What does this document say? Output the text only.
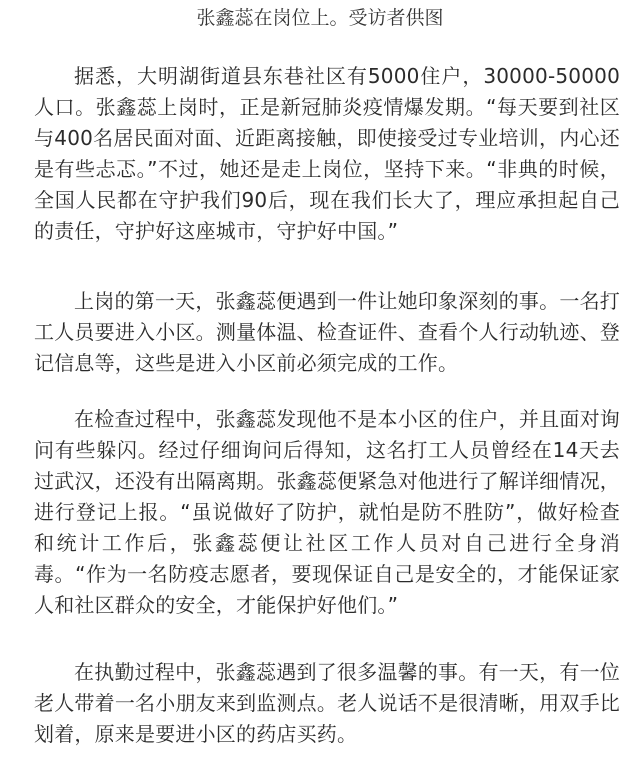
张鑫蕊在岗位上。受访者供图

据悉，大明湖街道县东巷社区有5000住户，30000-50000人口。张鑫蕊上岗时，正是新冠肺炎疫情爆发期。“每天要到社区与400名居民面对面、近距离接触，即使接受过专业培训，内心还是有些忐忑。”不过，她还是走上岗位，坚持下来。“非典的时候，全国人民都在守护我们90后，现在我们长大了，理应承担起自己的责任，守护好这座城市，守护好中国。”

上岗的第一天，张鑫蕊便遇到一件让她印象深刻的事。一名打工人员要进入小区。测量体温、检查证件、查看个人行动轨迹、登记信息等，这些是进入小区前必须完成的工作。

在检查过程中，张鑫蕊发现他不是本小区的住户，并且面对询问有些躲闪。经过仔细询问后得知，这名打工人员曾经在14天去过武汉，还没有出隔离期。张鑫蕊便紧急对他进行了解详细情况，进行登记上报。“虽说做好了防护，就怕是防不胜防”，做好检查和统计工作后，张鑫蕊便让社区工作人员对自己进行全身消毒。“作为一名防疫志愿者，要现保证自己是安全的，才能保证家人和社区群众的安全，才能保护好他们。”

在执勤过程中，张鑫蕊遇到了很多温馨的事。有一天，有一位老人带着一名小朋友来到监测点。老人说话不是很清晰，用双手比划着，原来是要进小区的药店买药。
